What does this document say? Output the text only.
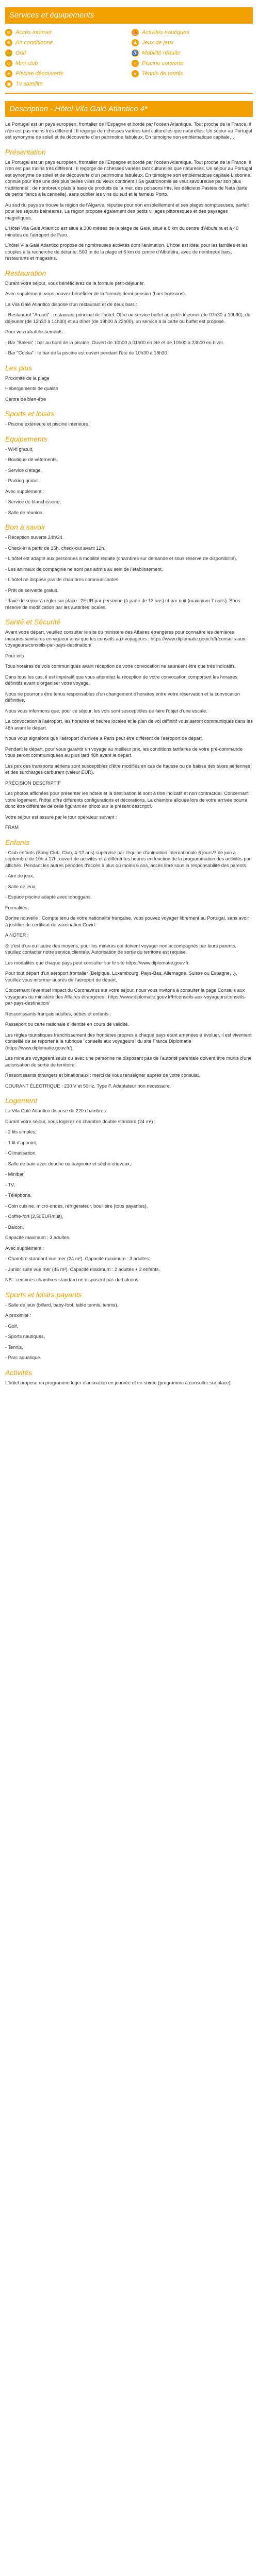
Services et équipements
≋ Accès internet	⛵ Activités nautiques
❄ Air conditionné	♟ Jeux de jeux
⛳ Golf	♿ Mobilité réduite
☺ Mini club	≈ Piscine couverte
☀ Piscine découverte	● Tennis de tennis
▣ Tv satellite
Description - Hôtel Vila Galé Atlantico 4*

Le Portugal est un pays européen, frontalier de l'Espagne et bordé par l'océan Atlantique. Tout proche de la France, il n'en est pas moins très différent ! Il regorge de richesses variées tant culturelles que naturelles. Un séjour au Portugal est synonyme de soleil et de découverte d'un patrimoine fabuleux. En témoigne son emblématique capitale…

Présentation

Le Portugal est un pays européen, frontalier de l'Espagne et bordé par l'océan Atlantique. Tout proche de la France, il n'en est pas moins très différent ! Il regorge de richesses variées tant culturelles que naturelles. Un séjour au Portugal est synonyme de soleil et de découverte d'un patrimoine fabuleux. En témoigne son emblématique capitale Lisbonne, connue pour être une des plus belles villes du vieux continent ! Sa gastronomie se veut savoureuse par son plus traditionnel : de nombreux plats à base de produits de la mer, des poissons frits, les délicieux Pasteis de Nata (tarte de petits flancs à la cannelle), sans oublier les vins du sud et le fameux Porto.

Au sud du pays se trouve la région de l'Algarve, réputée pour son ensoleillement et ses plages somptueuses, parfait pour les séjours balnéaires. La région propose également des petits villages pittoresques et des paysages magnifiques.

L'Hôtel Vila Galé Atlantico est situé à 300 mètres de la plage de Galé, situé à 8 km du centre d'Albufeira et à 40 minutes de l'aéroport de Faro.

L'hôtel Vila Galé Atlantico propose de nombreuses activités dont l'animation. L'hôtel est idéal pour les familles et les couples à la recherche de détente. 500 m de la plage et 6 km du centre d'Albufeira, avec de nombreux bars, restaurants et magasins.

Restauration

Durant votre séjour, vous bénéficierez de la formule petit-déjeuner.

Avec supplément, vous pouvez bénéficier de la formule demi-pension (hors boissons).

La Vila Galé Atlantico dispose d'un restaurant et de deux bars :

- Restaurant "Arcadi" : restaurant principal de l'hôtel. Offre un service buffet au petit-déjeuner (de 07h30 à 10h30), du déjeuner (de 12h30 à 14h30) et au dîner (de 19h00 à 22h00), un service à la carte ou buffet est proposé.

Pour vos rafraîchissements :

- Bar "Baleia" : bar au bord de la piscine. Ouvert de 10h00 à 01h00 en été et de 10h00 à 23h00 en hiver.

- Bar "Cocka" : le bar de la piscine est ouvert pendant l'été de 10h30 à 18h30.

Les plus

Proximité de la plage

Hébergements de qualité

Centre de bien-être

Sports et loisirs

- Piscine extérieure et piscine intérieure.

Equipements

- Wi-fi gratuit,

- Boutique de vêtements,

- Service d'étage,

- Parking gratuit.

Avec supplément :

- Service de blanchisserie,

- Salle de réunion.

Bon à savoir

- Réception ouverte 24h/24.

- Check-in à partir de 15h, check-out avant 12h.

- L'hôtel est adapté aux personnes à mobilité réduite (chambres sur demande et sous réserve de disponibilité).

- Les animaux de compagnie ne sont pas admis au sein de l'établissement.

- L'hôtel ne dispose pas de chambres communicantes.

- Prêt de serviette gratuit.

- Taxe de séjour à régler sur place : 2EUR par personne (à partir de 13 ans) et par nuit (maximum 7 nuits). Sous réserve de modification par les autorités locales.

Santé et Sécurité

Avant votre départ, veuillez consulter le site du ministère des Affaires étrangères pour connaître les dernières mesures sanitaires en vigueur ainsi que les conseils aux voyageurs : https://www.diplomatie.gouv.fr/fr/conseils-aux-voyageurs/conseils-par-pays-destination/

Pour info

Tous horaires de vols communiqués avant réception de votre convocation ne sauraient être que très indicatifs.

Dans tous les cas, il est impératif que vous attendiez la réception de votre convocation comportant les horaires définitifs avant d'organiser votre voyage.

Nous ne pourrons être tenus responsables d'un changement d'horaires entre votre réservation et la convocation définitive.

Nous vous informons que, pour ce séjour, les vols sont susceptibles de faire l'objet d'une escale.

La convocation à l'aéroport, les horaires et heures locales et le plan de vol définitif vous seront communiqués dans les 48h avant le départ.

Nous vous signalons que l'aéroport d'arrivée à Paris peut être différent de l'aéroport de départ.

Pendant le départ, pour vous garantir un voyage au meilleur prix, les conditions tarifaires de votre pré-commande vous seront communiquées au plus tard 48h avant le départ.

Les prix des transports aériens sont susceptibles d'être modifiés en cas de hausse ou de baisse des taxes aériennes et des surcharges carburant (valeur EUR).

PRÉCISION DESCRIPTIF

Les photos affichées pour présenter les hôtels et la destination le sont à titre indicatif et non contractuel. Concernant votre logement, l'hôtel offre différents configurations et décorations. La chambre allouée lors de votre arrivée pourra donc être différente de celle figurant en photo sur le présent descriptif.

Votre séjour est assuré par le tour opérateur suivant :

FRAM

Enfants

- Club enfants (Baby Club, Club, 4-12 ans) supervisé par l'équipe d'animation internationale 6 jours/7 de juin à septembre de 10h à 17h, ouvert de activités et à différentes heures en fonction de la programmation des activités par affichés. Pendant les autres périodes d'accès à plus ou moins 6 ans, accès libre sous la responsabilité des parents.

- Aire de jeux,

- Salle de jeux,

- Espace piscine adapté avec toboggans.

Formalités

Bonne nouvelle : Compte tenu de votre nationalité française, vous pouvez voyager librement au Portugal, sans avoir à justifier de certificat de vaccination Covid.

A NOTER :

Si c'est d'un ou l'autre des moyens, pour les mineurs qui doivent voyager non accompagnés par leurs parents, veuillez contacter notre service clientèle. Autorisation de sortie du territoire est requise.

Les modalités que chaque pays peut consulter sur le site https://www.diplomatie.gouv.fr.

Pour tout départ d'un aéroport frontalier (Belgique, Luxembourg, Pays-Bas, Allemagne, Suisse ou Espagne…), veuillez vous informer auprès de l'aéroport de départ.

Concernant l'éventuel impact du Coronavirus sur votre séjour, nous vous invitons à consulter la page Conseils aux voyageurs du ministère des Affaires étrangères : https://www.diplomatie.gouv.fr/fr/conseils-aux-voyageurs/conseils-par-pays-destination/

Ressortissants français adultes, bébés et enfants :

Passeport ou carte nationale d'identité en cours de validité.

Les règles touristiques franchissement des frontières propres à chaque pays étant amenées à évoluer, il est vivement conseillé de se reporter à la rubrique "conseils aux voyageurs" du site France Diplomatie (https://www.diplomatie.gouv.fr/).

Les mineurs voyageant seuls ou avec une personne ne disposant pas de l'autorité parentale doivent être munis d'une autorisation de sortie de territoire.

Ressortissants étrangers et binationaux : merci de vous renseigner auprès de votre consulat.

COURANT ÉLECTRIQUE : 230 V et 50Hz. Type F. Adaptateur non nécessaire.

Logement

La Vila Galé Atlantico dispose de 220 chambres.

Durant votre séjour, vous logerez en chambre double standard (24 m²) :

- 2 lits simples,

- 1 lit d'appoint,

- Climatisation,

- Salle de bain avec douche ou baignoire et sèche-cheveux,

- Minibar,

- TV,

- Téléphone,

- Coin cuisine, micro-ondes, réfrigérateur, bouilloire (tous payantes),

- Coffre-fort (2,50EUR/nuit),

- Balcon.

Capacité maximum : 3 adultes.

Avec supplément :

- Chambre standard vue mer (24 m²). Capacité maximum : 3 adultes.

- Junior suite vue mer (45 m²). Capacité maximum : 2 adultes + 2 enfants.

NB : certaines chambres standard ne disposent pas de balcons.

Sports et loisirs payants

- Salle de jeux (billard, baby-foot, table tennis, tennis).

A proximité :

- Golf,

- Sports nautiques,

- Tennis,

- Parc aquatique.

Activités

L'hôtel propose un programme léger d'animation en journée et en soirée (programme à consulter sur place).
